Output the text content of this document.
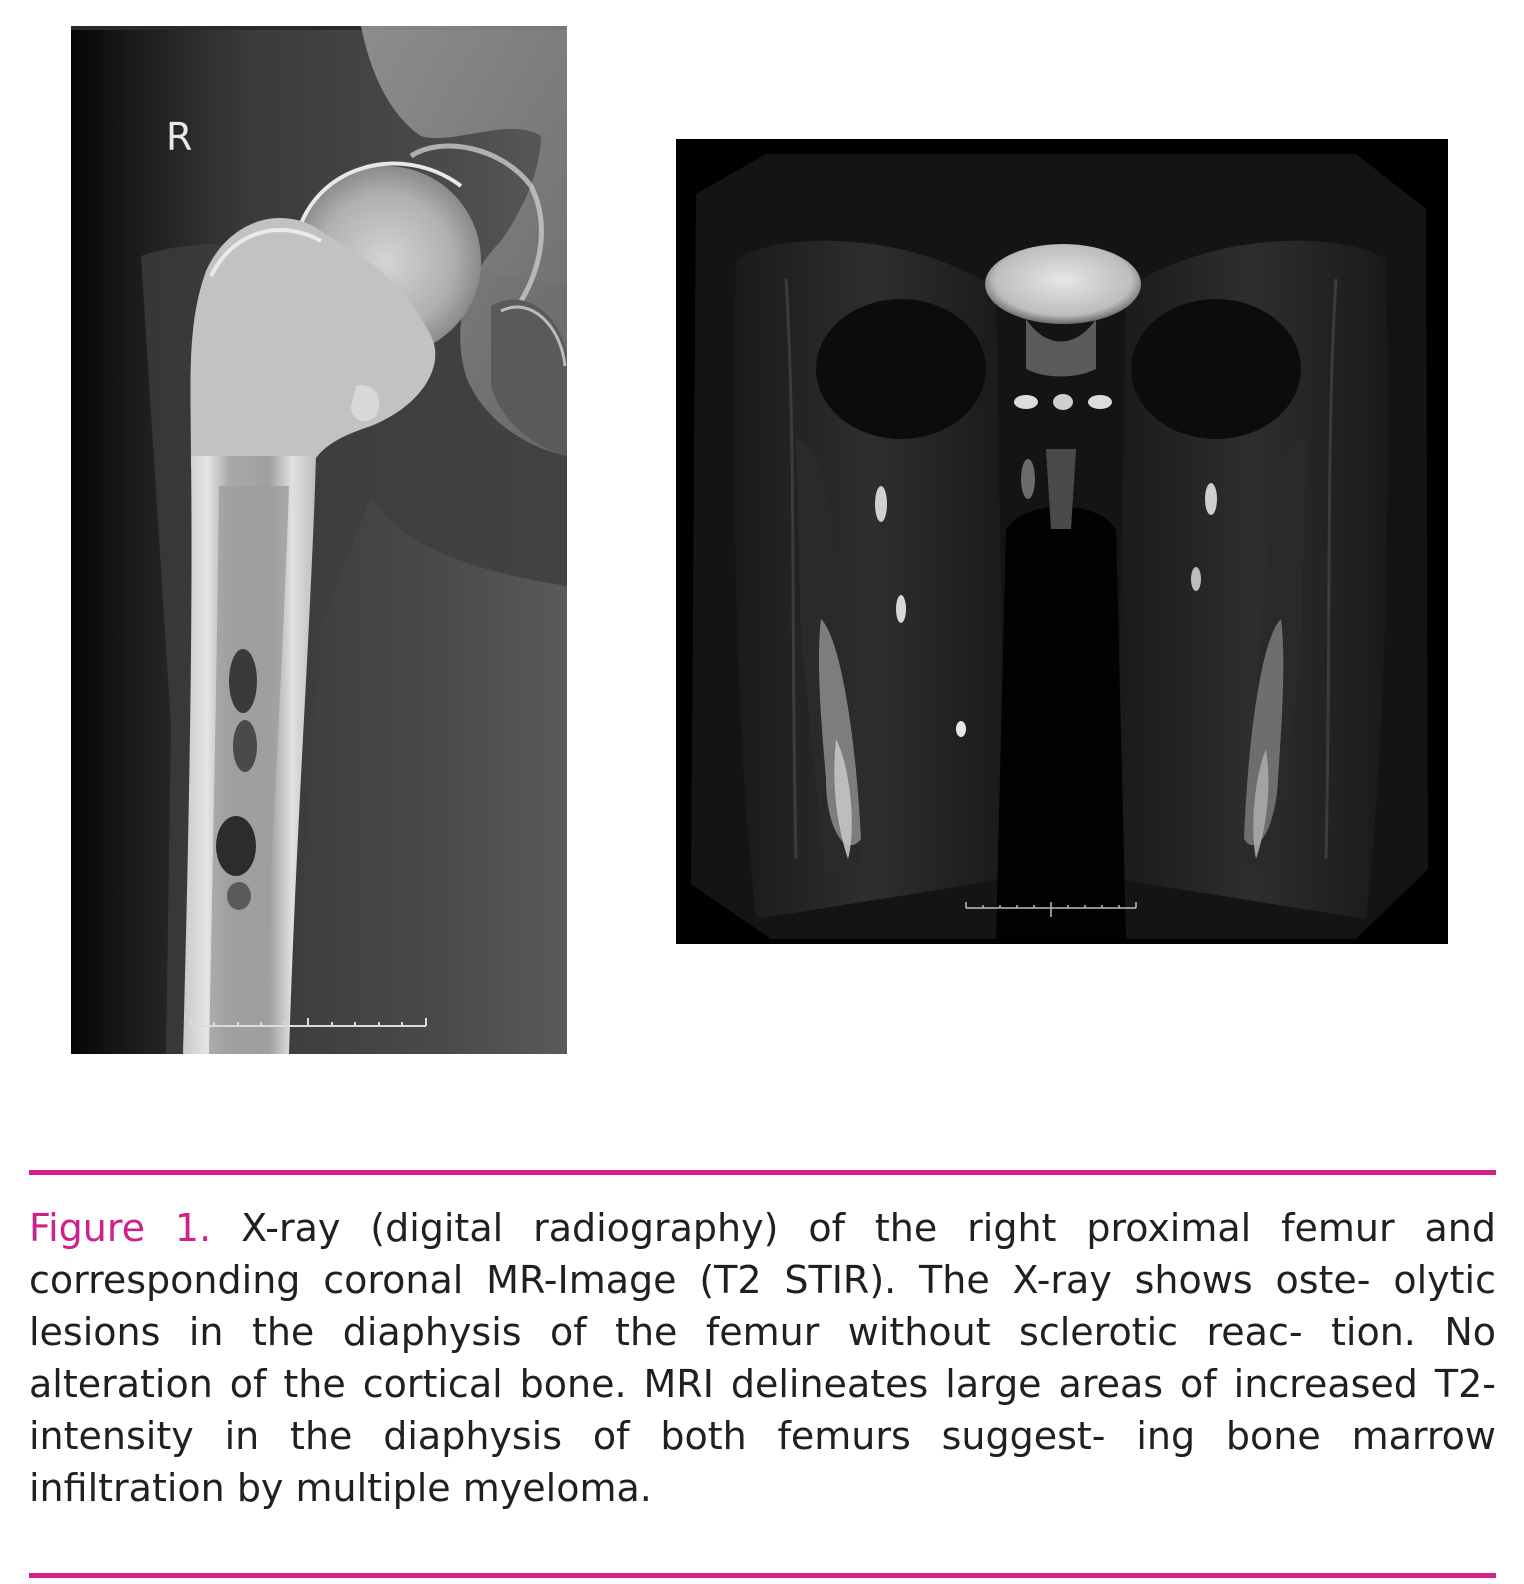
R

Figure 1. X-ray (digital radiography) of the right proximal femur and corresponding coronal MR-Image (T2 STIR). The X-ray shows oste- olytic lesions in the diaphysis of the femur without sclerotic reac- tion. No alteration of the cortical bone. MRI delineates large areas of increased T2-intensity in the diaphysis of both femurs suggest- ing bone marrow infiltration by multiple myeloma.
